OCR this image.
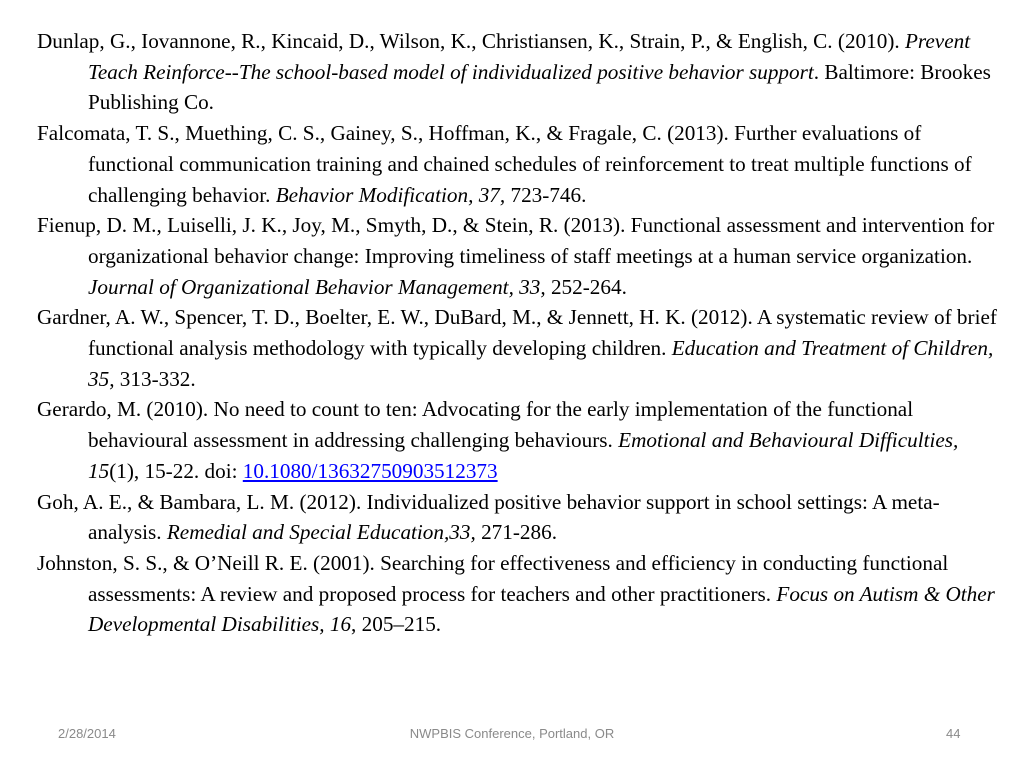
Dunlap, G., Iovannone, R., Kincaid, D., Wilson, K., Christiansen, K., Strain, P., & English, C. (2010). Prevent Teach Reinforce--The school-based model of individualized positive behavior support. Baltimore: Brookes Publishing Co.
Falcomata, T. S., Muething, C. S., Gainey, S., Hoffman, K., & Fragale, C. (2013). Further evaluations of functional communication training and chained schedules of reinforcement to treat multiple functions of challenging behavior. Behavior Modification, 37, 723-746.
Fienup, D. M., Luiselli, J. K., Joy, M., Smyth, D., & Stein, R. (2013). Functional assessment and intervention for organizational behavior change: Improving timeliness of staff meetings at a human service organization. Journal of Organizational Behavior Management, 33, 252-264.
Gardner, A. W., Spencer, T. D., Boelter, E. W., DuBard, M., & Jennett, H. K. (2012). A systematic review of brief functional analysis methodology with typically developing children. Education and Treatment of Children, 35, 313-332.
Gerardo, M. (2010). No need to count to ten: Advocating for the early implementation of the functional behavioural assessment in addressing challenging behaviours. Emotional and Behavioural Difficulties, 15(1), 15-22. doi: 10.1080/13632750903512373
Goh, A. E., & Bambara, L. M. (2012). Individualized positive behavior support in school settings: A meta-analysis. Remedial and Special Education,33, 271-286.
Johnston, S. S., & O’Neill R. E. (2001). Searching for effectiveness and efficiency in conducting functional assessments: A review and proposed process for teachers and other practitioners. Focus on Autism & Other Developmental Disabilities, 16, 205–215.
2/28/2014	NWPBIS Conference, Portland, OR	44
